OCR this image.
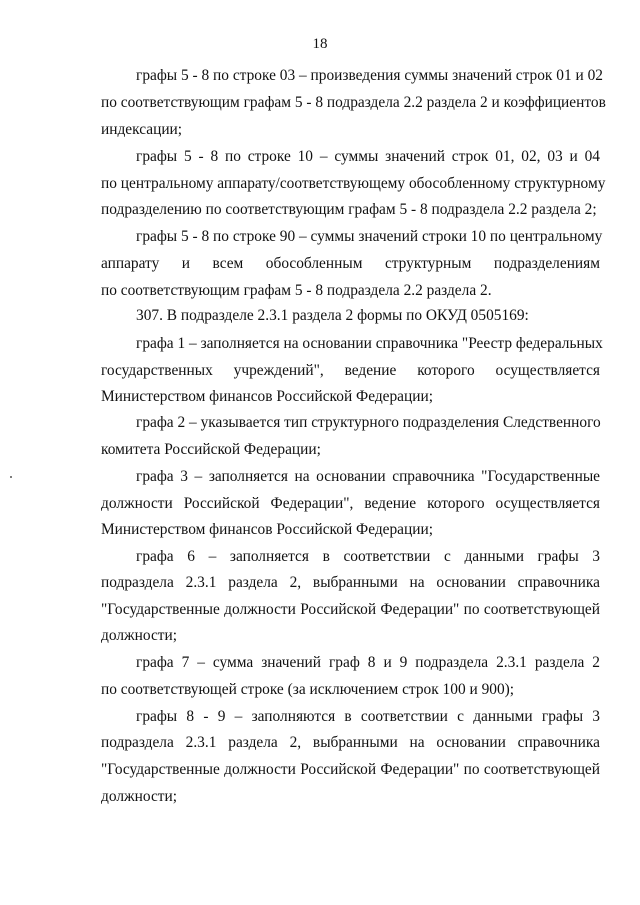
18
графы 5 - 8 по строке 03 – произведения суммы значений строк 01 и 02
по соответствующим графам 5 - 8 подраздела 2.2 раздела 2 и коэффициентов
индексации;
графы 5 - 8 по строке 10 – суммы значений строк 01, 02, 03 и 04
по центральному аппарату/соответствующему обособленному структурному
подразделению по соответствующим графам 5 - 8 подраздела 2.2 раздела 2;
графы 5 - 8 по строке 90 – суммы значений строки 10 по центральному
аппарату и всем обособленным структурным подразделениям
по соответствующим графам 5 - 8 подраздела 2.2 раздела 2.
307. В подразделе 2.3.1 раздела 2 формы по ОКУД 0505169:
графа 1 – заполняется на основании справочника "Реестр федеральных
государственных учреждений", ведение которого осуществляется
Министерством финансов Российской Федерации;
графа 2 – указывается тип структурного подразделения Следственного
комитета Российской Федерации;
графа 3 – заполняется на основании справочника "Государственные
должности Российской Федерации", ведение которого осуществляется
Министерством финансов Российской Федерации;
графа 6 – заполняется в соответствии с данными графы 3
подраздела 2.3.1 раздела 2, выбранными на основании справочника
"Государственные должности Российской Федерации" по соответствующей
должности;
графа 7 – сумма значений граф 8 и 9 подраздела 2.3.1 раздела 2
по соответствующей строке (за исключением строк 100 и 900);
графы 8 - 9 – заполняются в соответствии с данными графы 3
подраздела 2.3.1 раздела 2, выбранными на основании справочника
"Государственные должности Российской Федерации" по соответствующей
должности;
